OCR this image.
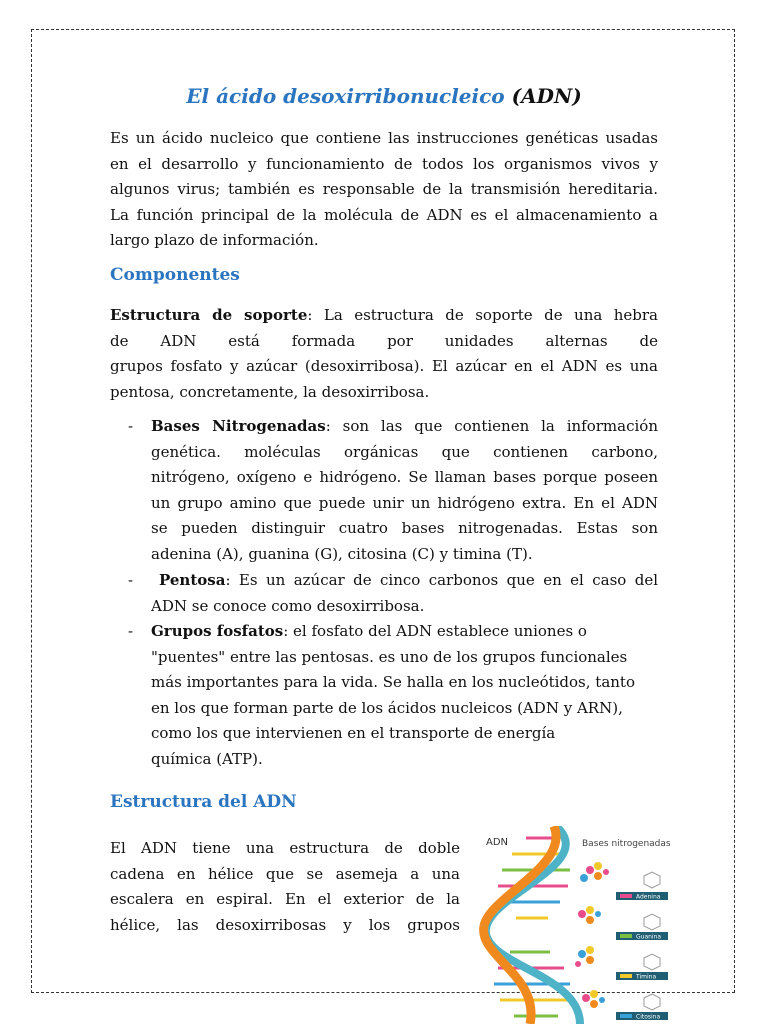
El ácido desoxirribonucleico (ADN)
Es un ácido nucleico que contiene las instrucciones genéticas usadas
en el desarrollo y funcionamiento de todos los organismos vivos y
algunos virus; también es responsable de la transmisión hereditaria.
La función principal de la molécula de ADN es el almacenamiento a
largo plazo de información.
Componentes
Estructura de soporte: La estructura de soporte de una hebra
de ADN está formada por unidades alternas de
grupos fosfato y azúcar (desoxirribosa). El azúcar en el ADN es una
pentosa, concretamente, la desoxirribosa.
- Bases Nitrogenadas: son las que contienen la información
genética. moléculas orgánicas que contienen carbono,
nitrógeno, oxígeno e hidrógeno. Se llaman bases porque poseen
un grupo amino que puede unir un hidrógeno extra. En el ADN
se pueden distinguir cuatro bases nitrogenadas. Estas son
adenina (A), guanina (G), citosina (C) y timina (T).
- Pentosa: Es un azúcar de cinco carbonos que en el caso del
ADN se conoce como desoxirribosa.
- Grupos fosfatos: el fosfato del ADN establece uniones o
"puentes" entre las pentosas. es uno de los grupos funcionales
más importantes para la vida. Se halla en los nucleótidos, tanto
en los que forman parte de los ácidos nucleicos (ADN y ARN),
como los que intervienen en el transporte de energía
química (ATP).
Estructura del ADN
El ADN tiene una estructura de doble
cadena en hélice que se asemeja a una
escalera en espiral. En el exterior de la
hélice, las desoxirribosas y los grupos
ADN	Bases nitrogenadas
Adenina
Guanina
Timina
Citosina
